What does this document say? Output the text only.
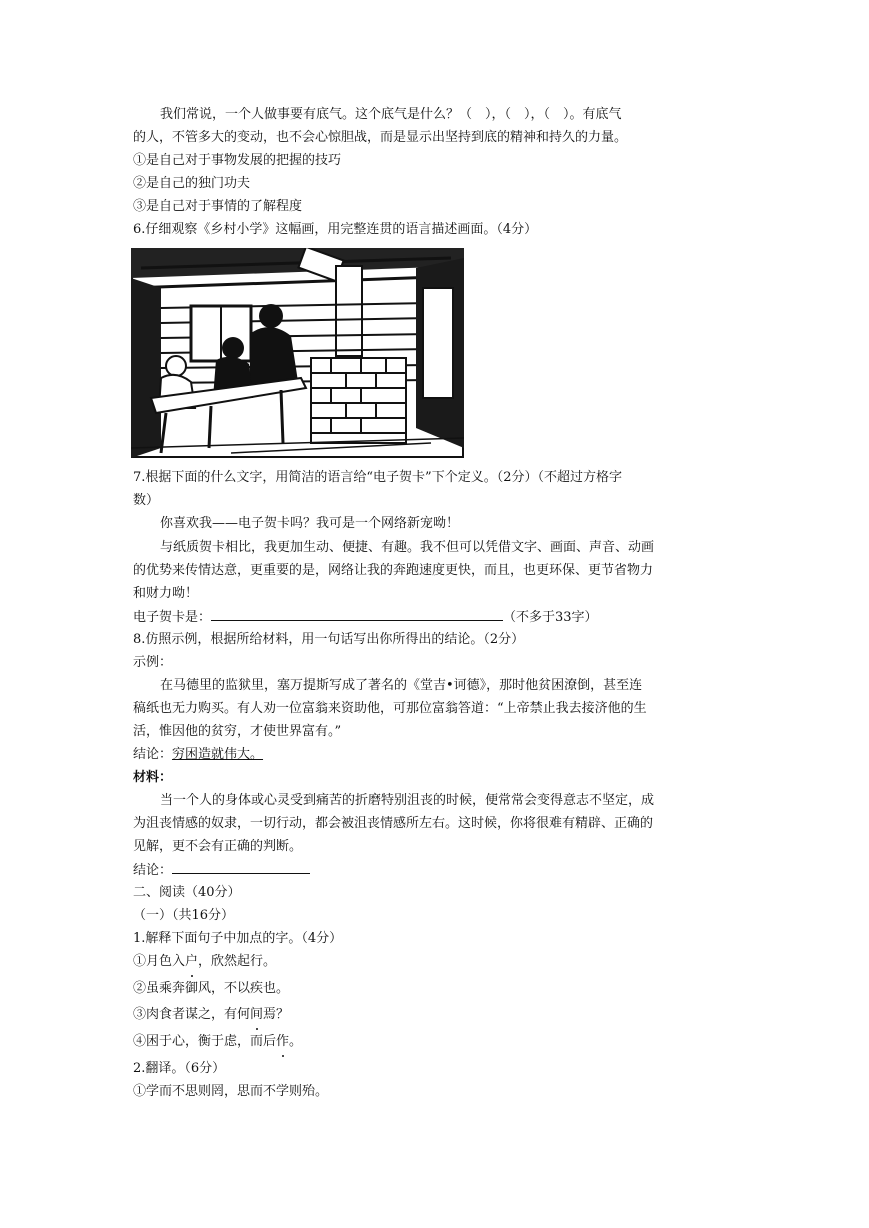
我们常说，一个人做事要有底气。这个底气是什么？（　），（　），（　）。有底气
的人，不管多大的变动，也不会心惊胆战，而是显示出坚持到底的精神和持久的力量。
①是自己对于事物发展的把握的技巧
②是自己的独门功夫
③是自己对于事情的了解程度
6.仔细观察《乡村小学》这幅画，用完整连贯的语言描述画面。（4分）
7.根据下面的什么文字，用简洁的语言给“电子贺卡”下个定义。（2分）（不超过方格字
数）
你喜欢我——电子贺卡吗？我可是一个网络新宠呦！
与纸质贺卡相比，我更加生动、便捷、有趣。我不但可以凭借文字、画面、声音、动画
的优势来传情达意，更重要的是，网络让我的奔跑速度更快，而且，也更环保、更节省物力
和财力呦！
电子贺卡是：	（不多于33字）
8.仿照示例，根据所给材料，用一句话写出你所得出的结论。（2分）
示例：
在马德里的监狱里，塞万提斯写成了著名的《堂吉•诃德》，那时他贫困潦倒，甚至连
稿纸也无力购买。有人劝一位富翁来资助他，可那位富翁答道：“上帝禁止我去接济他的生
活，惟因他的贫穷，才使世界富有。”
结论：穷困造就伟大。
材料：
当一个人的身体或心灵受到痛苦的折磨特别沮丧的时候，便常常会变得意志不坚定，成
为沮丧情感的奴隶，一切行动，都会被沮丧情感所左右。这时候，你将很难有精辟、正确的
见解，更不会有正确的判断。
结论：
二、阅读（40分）
（一）（共16分）
1.解释下面句子中加点的字。（4分）
①月色入户，欣然起行。
②虽乘奔御风，不以疾也。
③肉食者谋之，有何间焉？
④困于心，衡于虑，而后作。
2.翻译。（6分）
①学而不思则罔，思而不学则殆。
